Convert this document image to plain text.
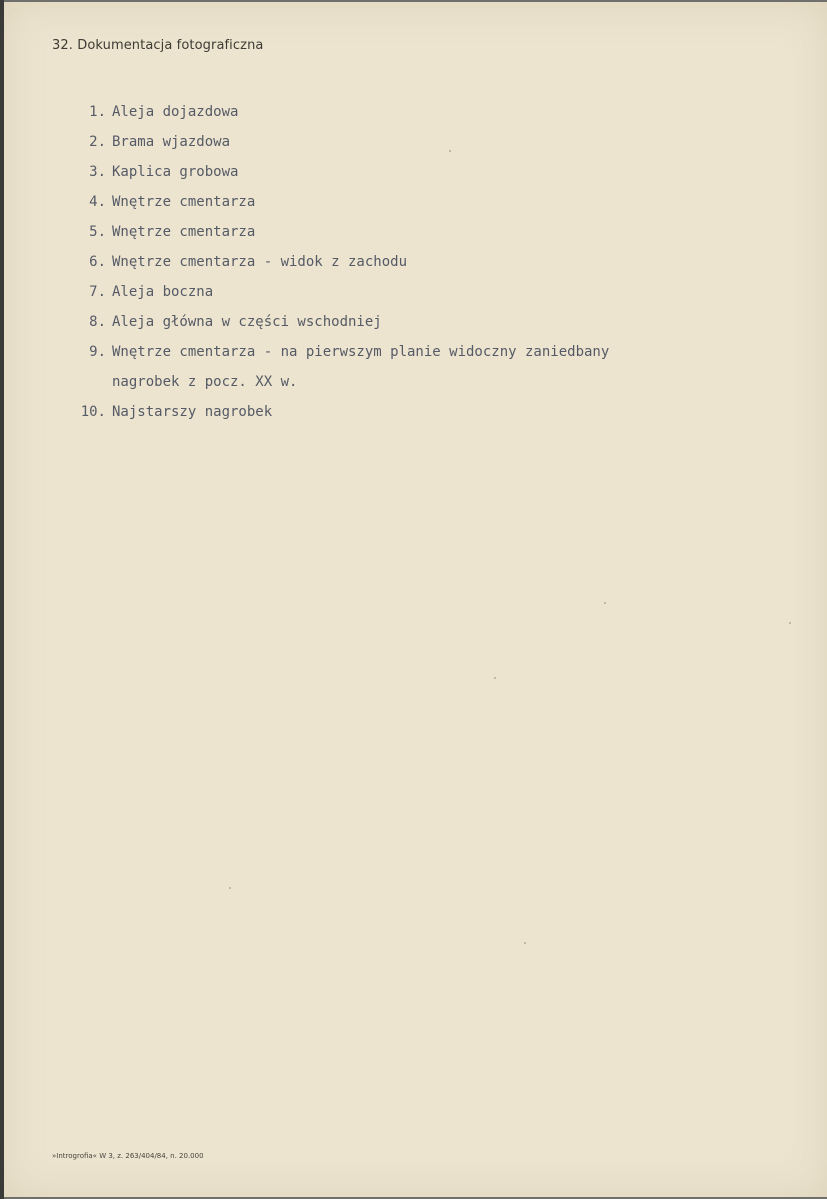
32. Dokumentacja fotograficzna
1. Aleja dojazdowa
2. Brama wjazdowa
3. Kaplica grobowa
4. Wnętrze cmentarza
5. Wnętrze cmentarza
6. Wnętrze cmentarza - widok z zachodu
7. Aleja boczna
8. Aleja główna w części wschodniej
9. Wnętrze cmentarza - na pierwszym planie widoczny zaniedbany
nagrobek z pocz. XX w.
10. Najstarszy nagrobek
»Introgrofia« W 3, z. 263/404/84, n. 20.000
